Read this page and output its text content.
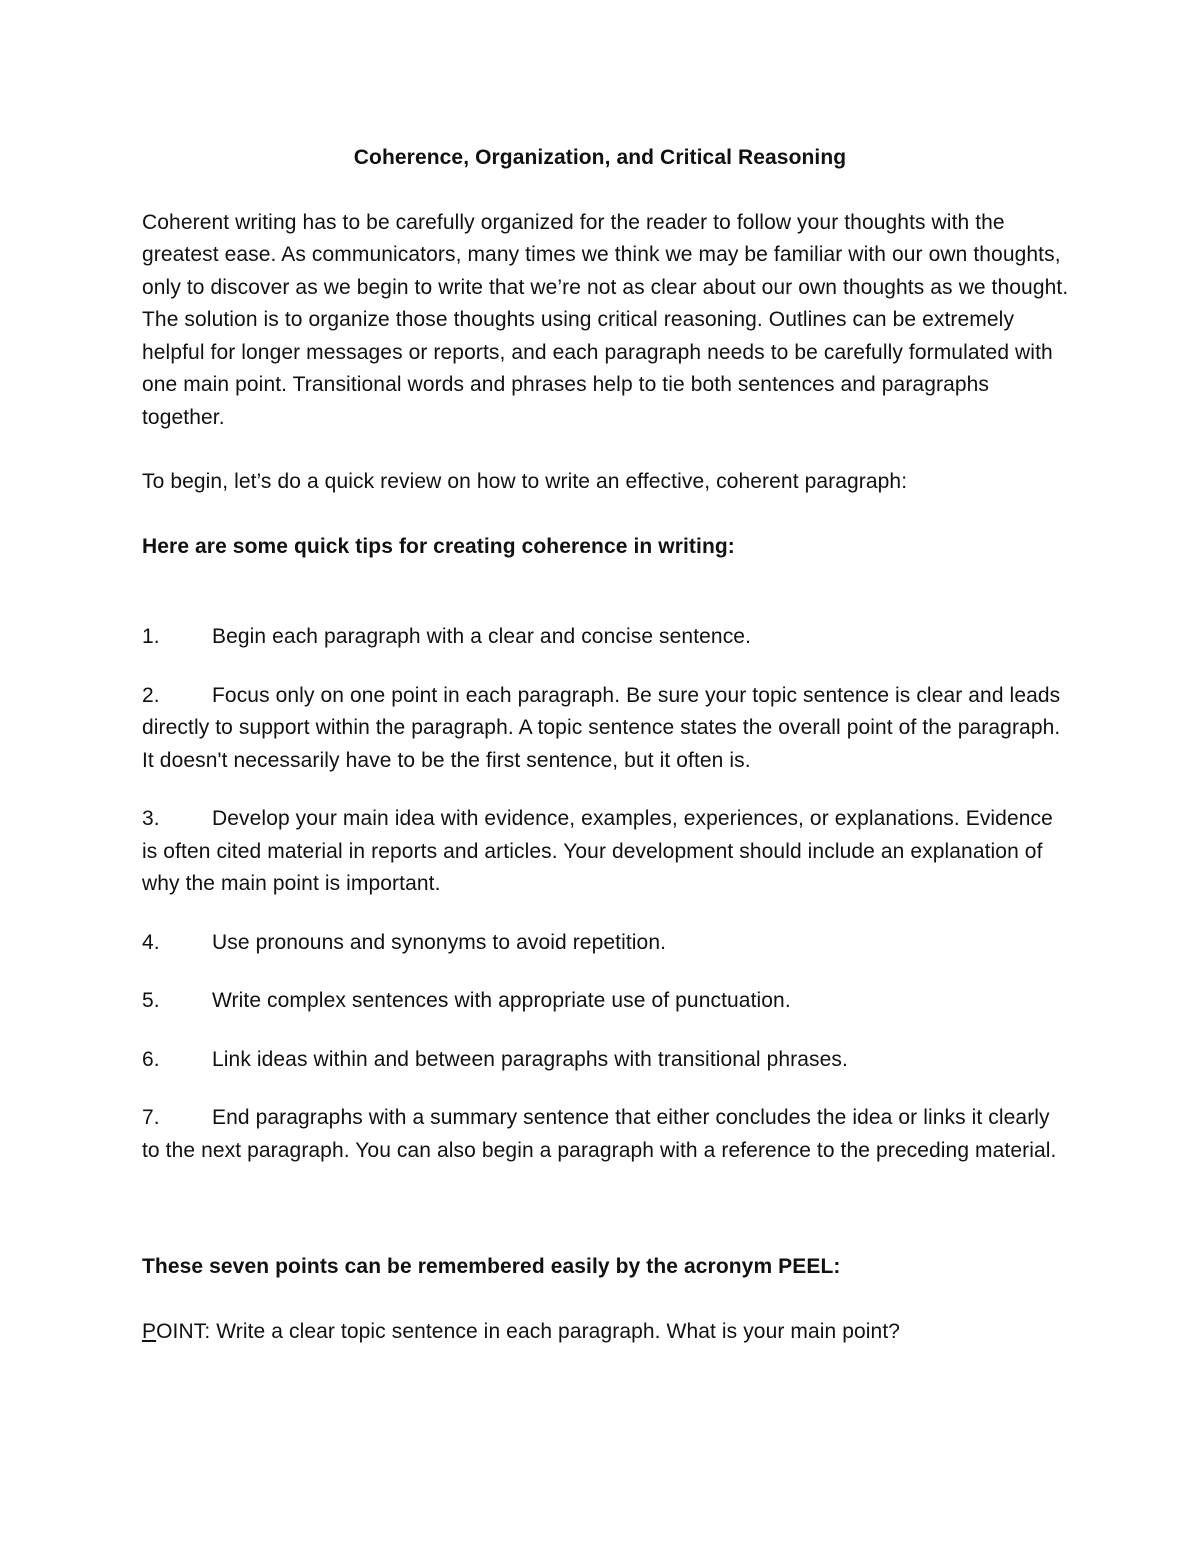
Coherence, Organization, and Critical Reasoning

Coherent writing has to be carefully organized for the reader to follow your thoughts with the greatest ease. As communicators, many times we think we may be familiar with our own thoughts, only to discover as we begin to write that we’re not as clear about our own thoughts as we thought. The solution is to organize those thoughts using critical reasoning. Outlines can be extremely helpful for longer messages or reports, and each paragraph needs to be carefully formulated with one main point. Transitional words and phrases help to tie both sentences and paragraphs together.

To begin, let’s do a quick review on how to write an effective, coherent paragraph:

Here are some quick tips for creating coherence in writing:

1. Begin each paragraph with a clear and concise sentence.

2. Focus only on one point in each paragraph. Be sure your topic sentence is clear and leads directly to support within the paragraph. A topic sentence states the overall point of the paragraph. It doesn't necessarily have to be the first sentence, but it often is.

3. Develop your main idea with evidence, examples, experiences, or explanations. Evidence is often cited material in reports and articles. Your development should include an explanation of why the main point is important.

4. Use pronouns and synonyms to avoid repetition.

5. Write complex sentences with appropriate use of punctuation.

6. Link ideas within and between paragraphs with transitional phrases.

7. End paragraphs with a summary sentence that either concludes the idea or links it clearly to the next paragraph. You can also begin a paragraph with a reference to the preceding material.

These seven points can be remembered easily by the acronym PEEL:

POINT: Write a clear topic sentence in each paragraph. What is your main point?
